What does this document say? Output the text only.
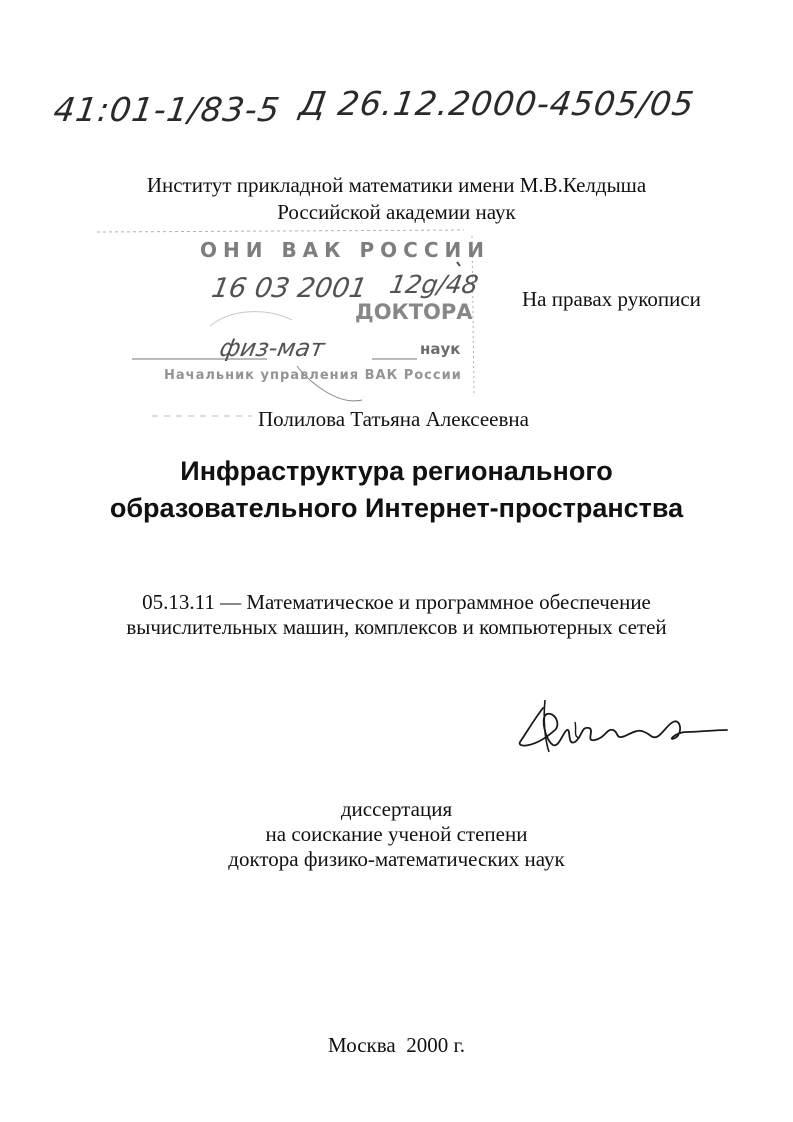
41:01-1/83-5 Д 26.12.2000-4505/05
Институт прикладной математики имени М.В.Келдыша
Российской академии наук
ОНИ ВАК РОССИИ
16 03 2001 12g/48
ДОКТОРА
физ-мат	наук
Начальник управления ВАК России
На правах рукописи
Полилова Татьяна Алексеевна
Инфраструктура регионального
образовательного Интернет-пространства
05.13.11 — Математическое и программное обеспечение
вычислительных машин, комплексов и компьютерных сетей
диссертация
на соискание ученой степени
доктора физико-математических наук
Москва  2000 г.
